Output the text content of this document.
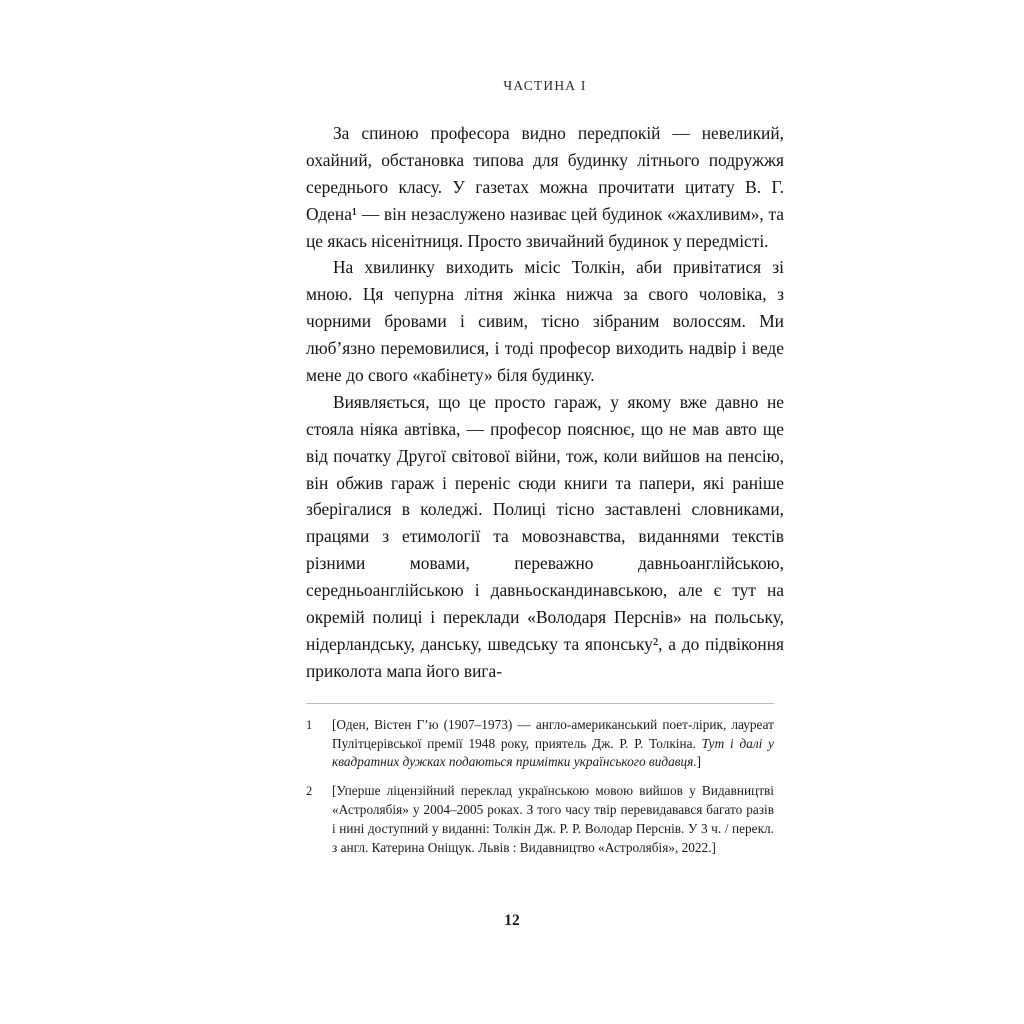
ЧАСТИНА I

За спиною професора видно передпокій — невеликий, охайний, обстановка типова для будинку літнього подружжя середнього класу. У газетах можна прочитати цитату В. Г. Одена¹ — він незаслужено називає цей будинок «жахливим», та це якась нісенітниця. Просто звичайний будинок у передмісті.

На хвилинку виходить місіс Толкін, аби привітатися зі мною. Ця чепурна літня жінка нижча за свого чоловіка, з чорними бровами і сивим, тісно зібраним волоссям. Ми люб’язно перемовилися, і тоді професор виходить надвір і веде мене до свого «кабінету» біля будинку.

Виявляється, що це просто гараж, у якому вже давно не стояла ніяка автівка, — професор пояснює, що не мав авто ще від початку Другої світової війни, тож, коли вийшов на пенсію, він обжив гараж і переніс сюди книги та папери, які раніше зберігалися в коледжі. Полиці тісно заставлені словниками, працями з етимології та мовознавства, виданнями текстів різними мовами, переважно давньоанглійською, середньоанглійською і давньоскандинавською, але є тут на окремій полиці і переклади «Володаря Перснів» на польську, нідерландську, данську, шведську та японську², а до підвіконня приколота мапа його вига-

1	[Оден, Вістен Г’ю (1907–1973) — англо-американський поет-лірик, лауреат Пулітцерівської премії 1948 року, приятель Дж. Р. Р. Толкіна. Тут і далі у квадратних дужках подаються примітки українського видавця.]
2	[Уперше ліцензійний переклад українською мовою вийшов у Видавництві «Астролябія» у 2004–2005 роках. З того часу твір перевидавався багато разів і нині доступний у виданні: Толкін Дж. Р. Р. Володар Перснів. У 3 ч. / перекл. з англ. Катерина Оніщук. Львів : Видавництво «Астролябія», 2022.]
12
